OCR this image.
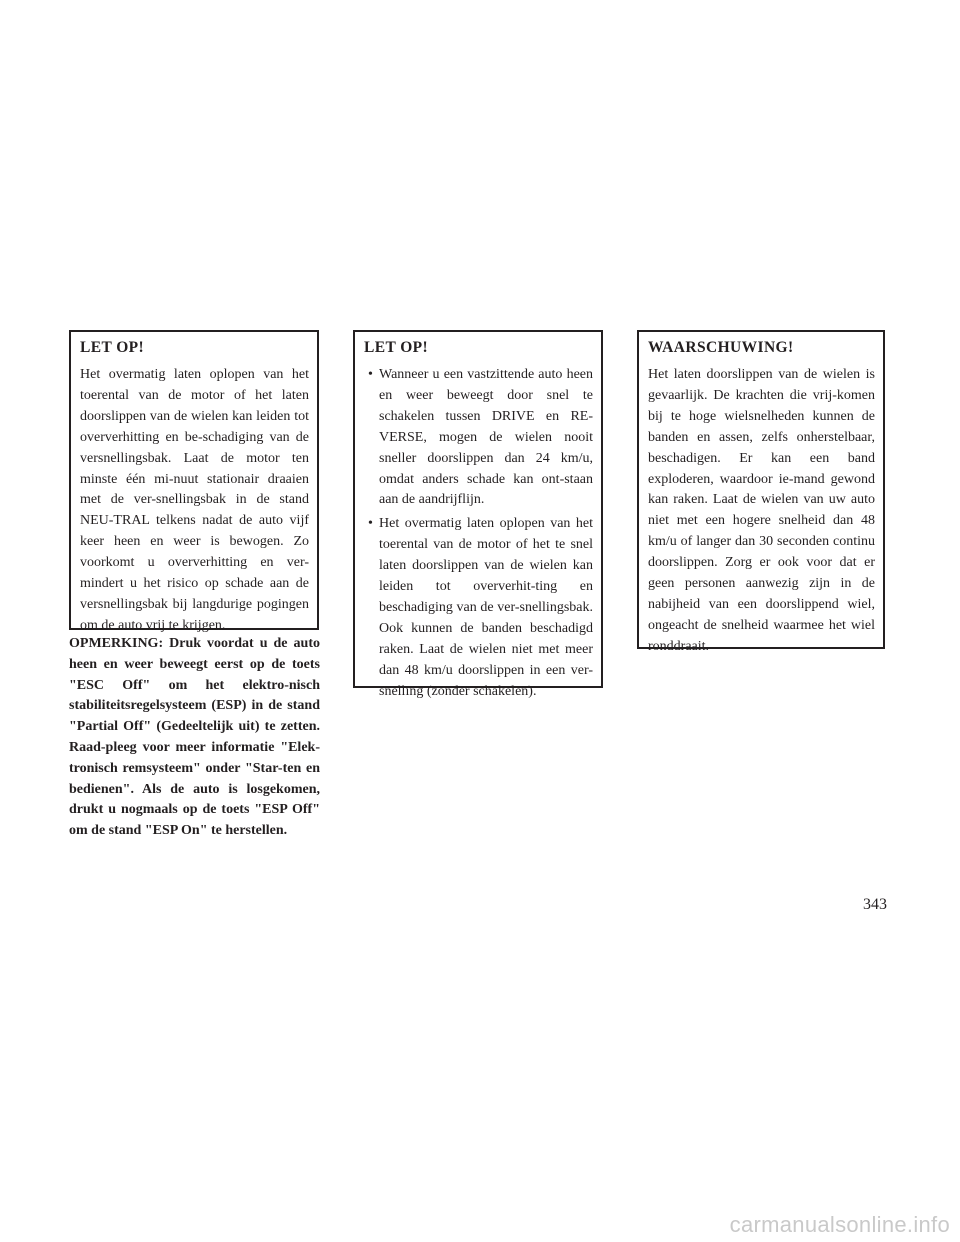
LET OP!

Het overmatig laten oplopen van het toerental van de motor of het laten doorslippen van de wielen kan leiden tot oververhitting en be-schadiging van de versnellingsbak. Laat de motor ten minste één mi-nuut stationair draaien met de ver-snellingsbak in de stand NEU-TRAL telkens nadat de auto vijf keer heen en weer is bewogen. Zo voorkomt u oververhitting en ver-mindert u het risico op schade aan de versnellingsbak bij langdurige pogingen om de auto vrij te krijgen.

OPMERKING: Druk voordat u de auto heen en weer beweegt eerst op de toets "ESC Off" om het elektro-nisch stabiliteitsregelsysteem (ESP) in de stand "Partial Off" (Gedeeltelijk uit) te zetten. Raad-pleeg voor meer informatie "Elek-tronisch remsysteem" onder "Star-ten en bedienen". Als de auto is losgekomen, drukt u nogmaals op de toets "ESP Off" om de stand "ESP On" te herstellen.

LET OP!
• Wanneer u een vastzittende auto heen en weer beweegt door snel te schakelen tussen DRIVE en RE-VERSE, mogen de wielen nooit sneller doorslippen dan 24 km/u, omdat anders schade kan ont-staan aan de aandrijflijn.
• Het overmatig laten oplopen van het toerental van de motor of het te snel laten doorslippen van de wielen kan leiden tot oververhit-ting en beschadiging van de ver-snellingsbak. Ook kunnen de banden beschadigd raken. Laat de wielen niet met meer dan 48 km/u doorslippen in een ver-snelling (zonder schakelen).
WAARSCHUWING!

Het laten doorslippen van de wielen is gevaarlijk. De krachten die vrij-komen bij te hoge wielsnelheden kunnen de banden en assen, zelfs onherstelbaar, beschadigen. Er kan een band exploderen, waardoor ie-mand gewond kan raken. Laat de wielen van uw auto niet met een hogere snelheid dan 48 km/u of langer dan 30 seconden continu doorslippen. Zorg er ook voor dat er geen personen aanwezig zijn in de nabijheid van een doorslippend wiel, ongeacht de snelheid waarmee het wiel ronddraait.

343
carmanualsonline.info
